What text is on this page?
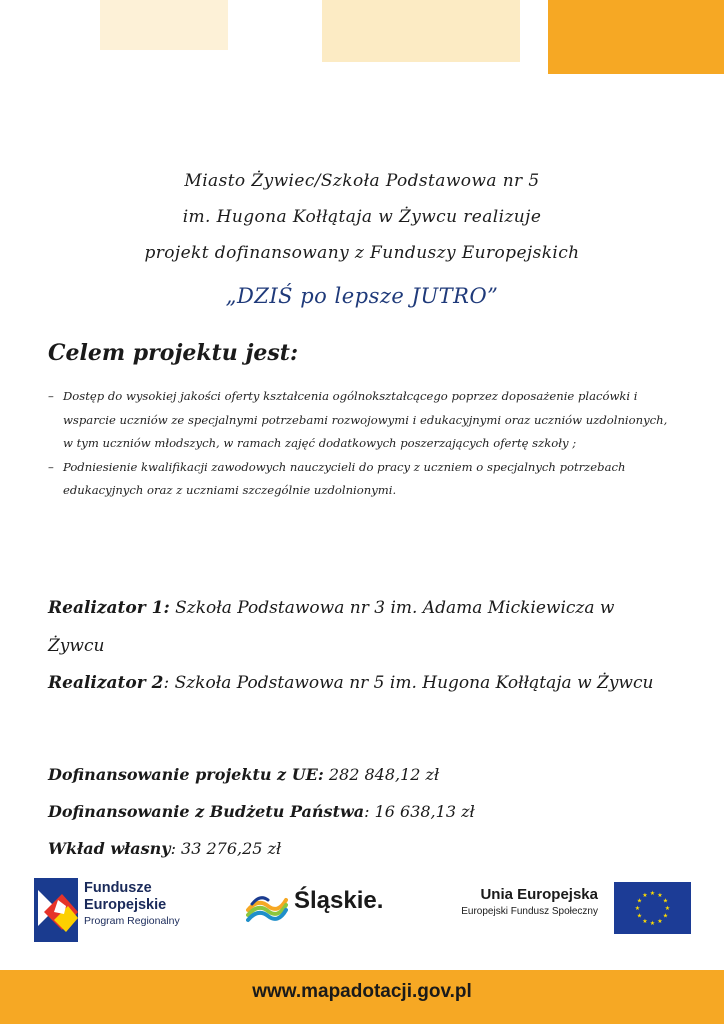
Miasto Żywiec/Szkoła Podstawowa nr 5
im. Hugona Kołłątaja w Żywcu realizuje
projekt dofinansowany z Funduszy Europejskich
„DZIŚ po lepsze JUTRO”
Celem projektu jest:
– Dostęp do wysokiej jakości oferty kształcenia ogólnokształcącego poprzez doposażenie placówki i wsparcie uczniów ze specjalnymi potrzebami rozwojowymi i edukacyjnymi oraz uczniów uzdolnionych, w tym uczniów młodszych, w ramach zajęć dodatkowych poszerzających ofertę szkoły ;
– Podniesienie kwalifikacji zawodowych nauczycieli do pracy z uczniem o specjalnych potrzebach edukacyjnych oraz z uczniami szczególnie uzdolnionymi.
Realizator 1: Szkoła Podstawowa nr 3 im. Adama Mickiewicza w Żywcu
Realizator 2: Szkoła Podstawowa nr 5 im. Hugona Kołłątaja w Żywcu
Dofinansowanie projektu z UE: 282 848,12 zł
Dofinansowanie z Budżetu Państwa: 16 638,13 zł
Wkład własny: 33 276,25 zł
Fundusze
Europejskie
Program Regionalny
Śląskie.	Unia Europejska
Europejski Fundusz Społeczny
★ ★
★
★
★
★
★
★
★
★
★
★
www.mapadotacji.gov.pl
